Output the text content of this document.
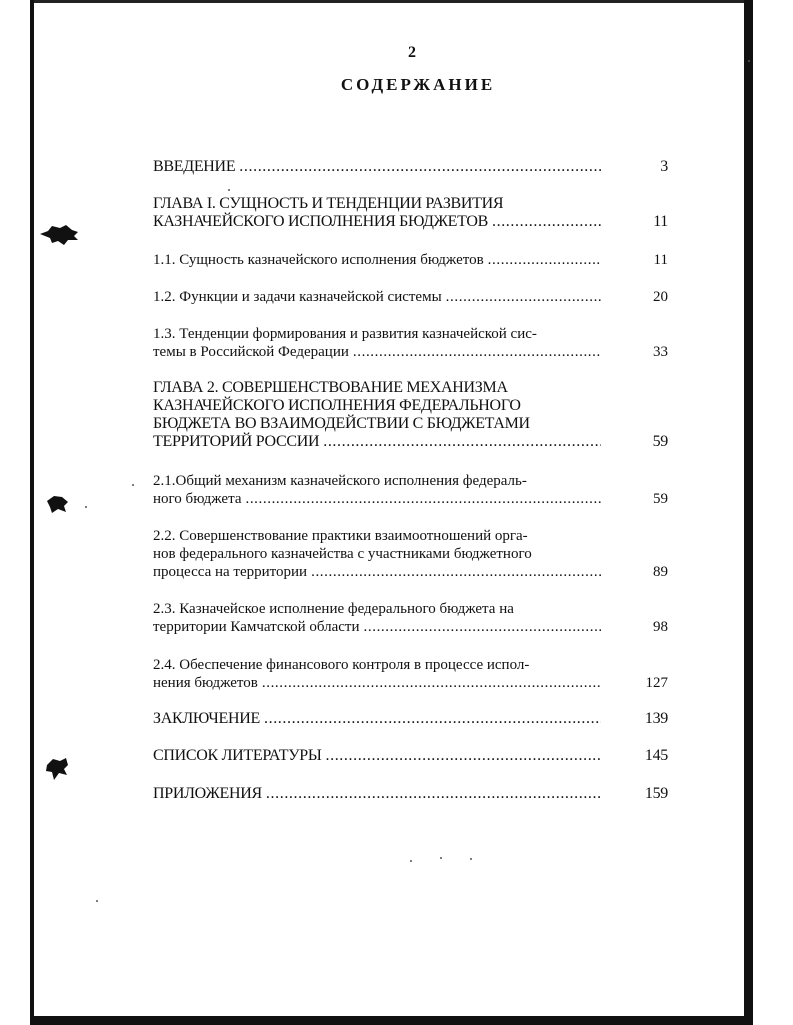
2
СОДЕРЖАНИЕ
ВВЕДЕНИЕ .....	3
ГЛАВА I. СУЩНОСТЬ И ТЕНДЕНЦИИ РАЗВИТИЯ
КАЗНАЧЕЙСКОГО ИСПОЛНЕНИЯ БЮДЖЕТОВ .....	11
1.1. Сущность казначейского исполнения бюджетов .....	11
1.2. Функции и задачи казначейской системы .....	20
1.3. Тенденции формирования и развития казначейской сис-
темы в Российской Федерации .....	33
ГЛАВА 2. СОВЕРШЕНСТВОВАНИЕ МЕХАНИЗМА
КАЗНАЧЕЙСКОГО ИСПОЛНЕНИЯ ФЕДЕРАЛЬНОГО
БЮДЖЕТА ВО ВЗАИМОДЕЙСТВИИ С БЮДЖЕТАМИ
ТЕРРИТОРИЙ РОССИИ .....	59
2.1.Общий механизм казначейского исполнения федераль-
ного бюджета .....	59
2.2. Совершенствование практики взаимоотношений орга-
нов федерального казначейства с участниками бюджетного
процесса на территории .....	89
2.3. Казначейское исполнение федерального бюджета на
территории Камчатской области .....	98
2.4. Обеспечение финансового контроля в процессе испол-
нения бюджетов .....	127
ЗАКЛЮЧЕНИЕ .....	139
СПИСОК ЛИТЕРАТУРЫ .....	145
ПРИЛОЖЕНИЯ .....	159
